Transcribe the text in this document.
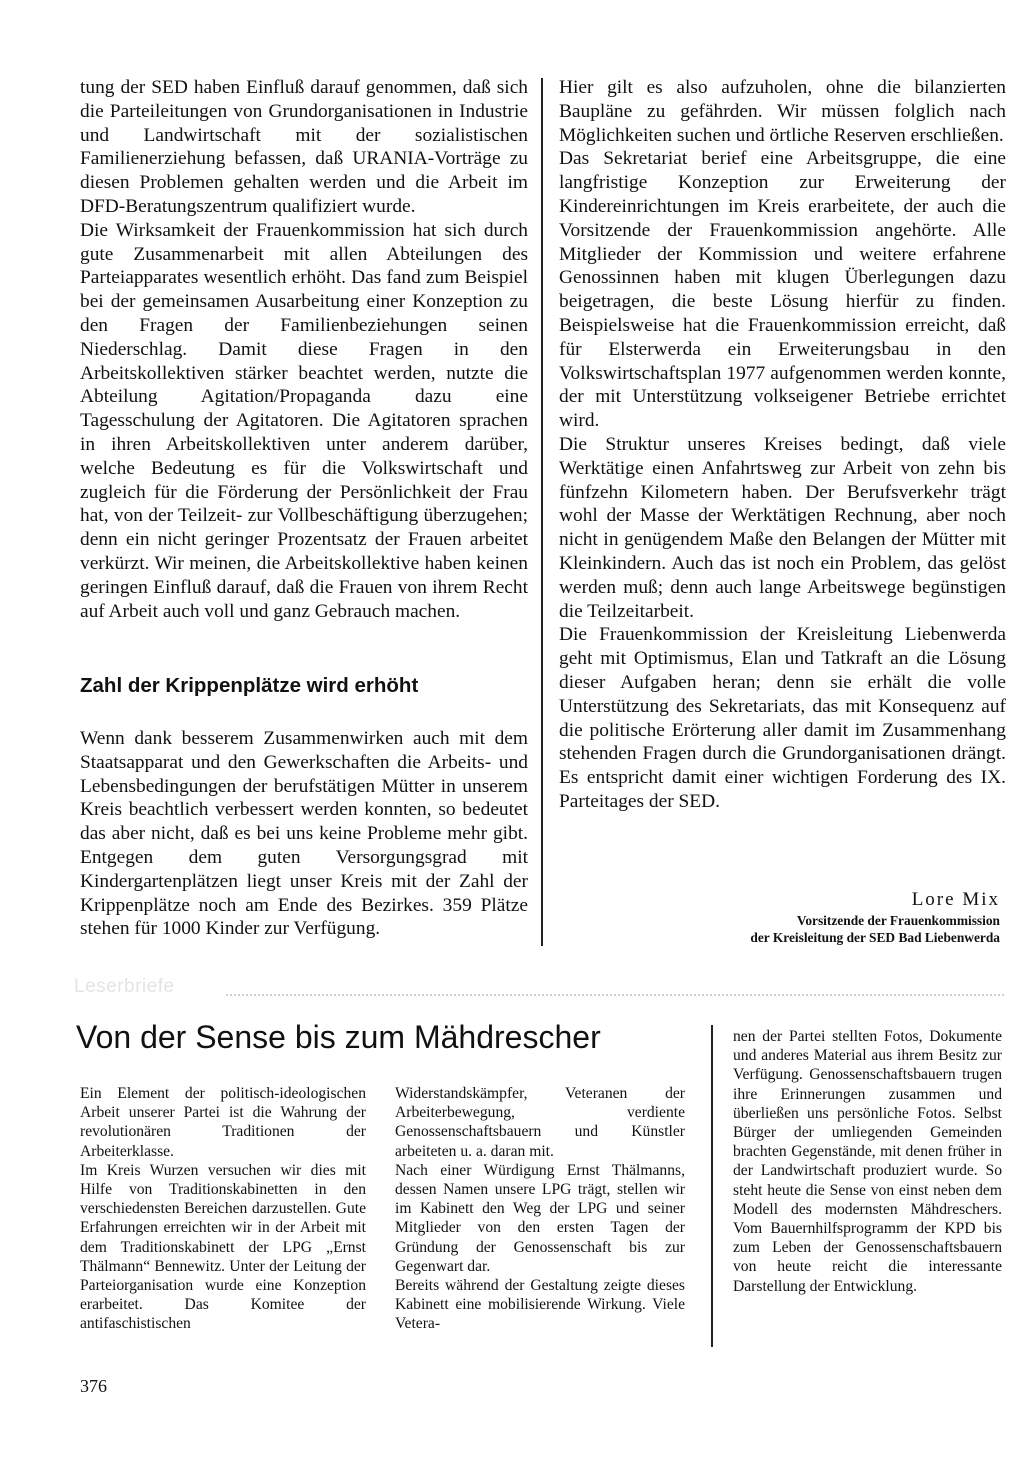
tung der SED haben Einfluß darauf genommen, daß sich die Parteileitungen von Grundorganisationen in Industrie und Landwirtschaft mit der sozialistischen Familienerziehung befassen, daß URANIA-Vorträge zu diesen Problemen gehalten werden und die Arbeit im DFD-Beratungszentrum qualifiziert wurde.

Die Wirksamkeit der Frauenkommission hat sich durch gute Zusammenarbeit mit allen Abteilungen des Parteiapparates wesentlich erhöht. Das fand zum Beispiel bei der gemeinsamen Ausarbeitung einer Konzeption zu den Fragen der Familienbeziehungen seinen Niederschlag. Damit diese Fragen in den Arbeitskollektiven stärker beachtet werden, nutzte die Abteilung Agitation/Propaganda dazu eine Tagesschulung der Agitatoren. Die Agitatoren sprachen in ihren Arbeitskollektiven unter anderem darüber, welche Bedeutung es für die Volkswirtschaft und zugleich für die Förderung der Persönlichkeit der Frau hat, von der Teilzeit- zur Vollbeschäftigung überzugehen; denn ein nicht geringer Prozentsatz der Frauen arbeitet verkürzt. Wir meinen, die Arbeitskollektive haben keinen geringen Einfluß darauf, daß die Frauen von ihrem Recht auf Arbeit auch voll und ganz Gebrauch machen.

Hier gilt es also aufzuholen, ohne die bilanzierten Baupläne zu gefährden. Wir müssen folglich nach Möglichkeiten suchen und örtliche Reserven erschließen.

Das Sekretariat berief eine Arbeitsgruppe, die eine langfristige Konzeption zur Erweiterung der Kindereinrichtungen im Kreis erarbeitete, der auch die Vorsitzende der Frauenkommission angehörte. Alle Mitglieder der Kommission und weitere erfahrene Genossinnen haben mit klugen Überlegungen dazu beigetragen, die beste Lösung hierfür zu finden. Beispielsweise hat die Frauenkommission erreicht, daß für Elsterwerda ein Erweiterungsbau in den Volkswirtschaftsplan 1977 aufgenommen werden konnte, der mit Unterstützung volkseigener Betriebe errichtet wird.

Die Struktur unseres Kreises bedingt, daß viele Werktätige einen Anfahrtsweg zur Arbeit von zehn bis fünfzehn Kilometern haben. Der Berufsverkehr trägt wohl der Masse der Werktätigen Rechnung, aber noch nicht in genügendem Maße den Belangen der Mütter mit Kleinkindern. Auch das ist noch ein Problem, das gelöst werden muß; denn auch lange Arbeitswege begünstigen die Teilzeitarbeit.

Die Frauenkommission der Kreisleitung Liebenwerda geht mit Optimismus, Elan und Tatkraft an die Lösung dieser Aufgaben heran; denn sie erhält die volle Unterstützung des Sekretariats, das mit Konsequenz auf die politische Erörterung aller damit im Zusammenhang stehenden Fragen durch die Grundorganisationen drängt. Es entspricht damit einer wichtigen Forderung des IX. Parteitages der SED.

Zahl der Krippenplätze wird erhöht

Wenn dank besserem Zusammenwirken auch mit dem Staatsapparat und den Gewerkschaften die Arbeits- und Lebensbedingungen der berufstätigen Mütter in unserem Kreis beachtlich verbessert werden konnten, so bedeutet das aber nicht, daß es bei uns keine Probleme mehr gibt. Entgegen dem guten Versorgungsgrad mit Kindergartenplätzen liegt unser Kreis mit der Zahl der Krippenplätze noch am Ende des Bezirkes. 359 Plätze stehen für 1000 Kinder zur Verfügung.

Lore Mix
Vorsitzende der Frauenkommission
der Kreisleitung der SED Bad Liebenwerda
Leserbriefe
Von der Sense bis zum Mähdrescher

Ein Element der politisch-ideologischen Arbeit unserer Partei ist die Wahrung der revolutionären Traditionen der Arbeiterklasse.

Im Kreis Wurzen versuchen wir dies mit Hilfe von Traditionskabinetten in den verschiedensten Bereichen darzustellen. Gute Erfahrungen erreichten wir in der Arbeit mit dem Traditionskabinett der LPG „Ernst Thälmann“ Bennewitz. Unter der Leitung der Parteiorganisation wurde eine Konzeption erarbeitet. Das Komitee der antifaschistischen

Widerstandskämpfer, Veteranen der Arbeiterbewegung, verdiente Genossenschaftsbauern und Künstler arbeiteten u. a. daran mit.

Nach einer Würdigung Ernst Thälmanns, dessen Namen unsere LPG trägt, stellen wir im Kabinett den Weg der LPG und seiner Mitglieder von den ersten Tagen der Gründung der Genossenschaft bis zur Gegenwart dar.

Bereits während der Gestaltung zeigte dieses Kabinett eine mobilisierende Wirkung. Viele Vetera-

nen der Partei stellten Fotos, Dokumente und anderes Material aus ihrem Besitz zur Verfügung. Genossenschaftsbauern trugen ihre Erinnerungen zusammen und überließen uns persönliche Fotos. Selbst Bürger der umliegenden Gemeinden brachten Gegenstände, mit denen früher in der Landwirtschaft produziert wurde. So steht heute die Sense von einst neben dem Modell des modernsten Mähdreschers. Vom Bauernhilfsprogramm der KPD bis zum Leben der Genossenschaftsbauern von heute reicht die interessante Darstellung der Entwicklung.

376
